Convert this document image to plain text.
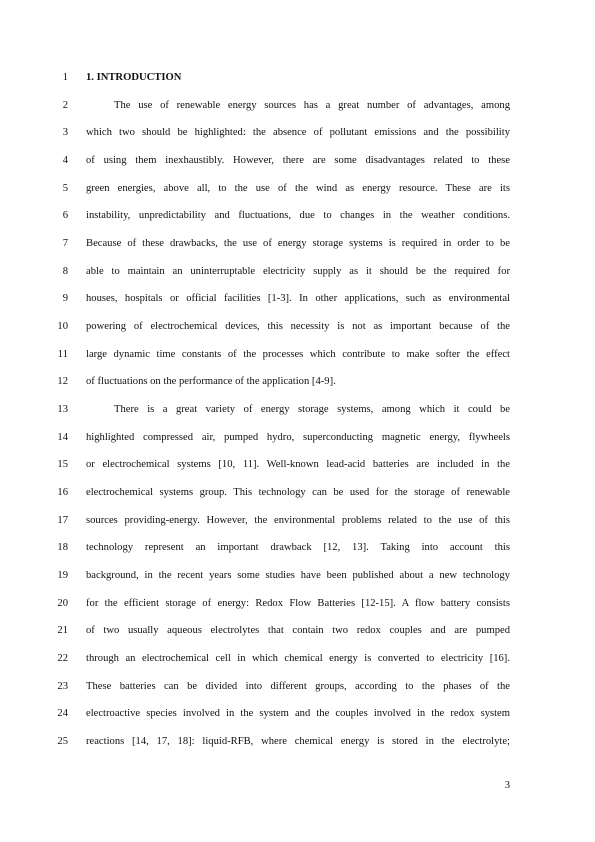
1 1. INTRODUCTION
2	The use of renewable energy sources has a great number of advantages, among
3 which two should be highlighted: the absence of pollutant emissions and the possibility
4 of using them inexhaustibly. However, there are some disadvantages related to these
5 green energies, above all, to the use of the wind as energy resource. These are its
6 instability, unpredictability and fluctuations, due to changes in the weather conditions.
7 Because of these drawbacks, the use of energy storage systems is required in order to be
8 able to maintain an uninterruptable electricity supply as it should be the required for
9 houses, hospitals or official facilities [1-3]. In other applications, such as environmental
10 powering of electrochemical devices, this necessity is not as important because of the
11 large dynamic time constants of the processes which contribute to make softer the effect
12 of fluctuations on the performance of the application [4-9].
13	There is a great variety of energy storage systems, among which it could be
14 highlighted compressed air, pumped hydro, superconducting magnetic energy, flywheels
15 or electrochemical systems [10, 11]. Well-known lead-acid batteries are included in the
16 electrochemical systems group. This technology can be used for the storage of renewable
17 sources providing-energy. However, the environmental problems related to the use of this
18 technology represent an important drawback [12, 13]. Taking into account this
19 background, in the recent years some studies have been published about a new technology
20 for the efficient storage of energy: Redox Flow Batteries [12-15]. A flow battery consists
21 of two usually aqueous electrolytes that contain two redox couples and are pumped
22 through an electrochemical cell in which chemical energy is converted to electricity [16].
23 These batteries can be divided into different groups, according to the phases of the
24 electroactive species involved in the system and the couples involved in the redox system
25 reactions [14, 17, 18]: liquid-RFB, where chemical energy is stored in the electrolyte;
3
